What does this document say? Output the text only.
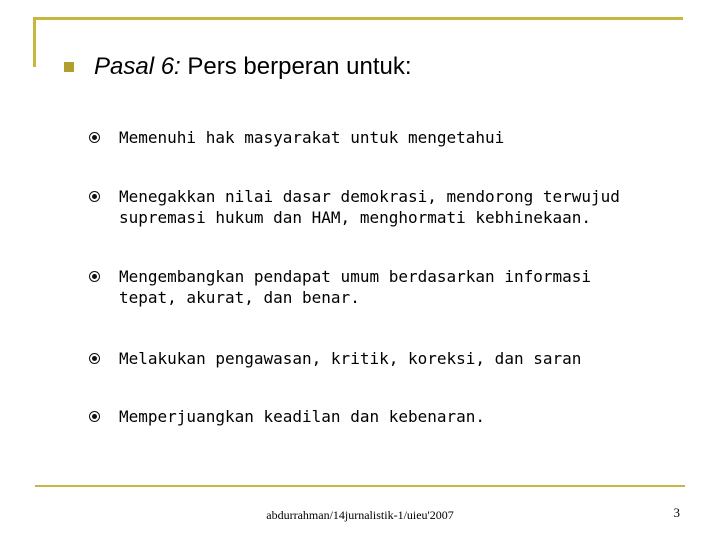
Pasal 6: Pers berperan untuk:
Memenuhi hak masyarakat untuk mengetahui
Menegakkan nilai dasar demokrasi, mendorong terwujud
supremasi hukum dan HAM, menghormati kebhinekaan.
Mengembangkan pendapat umum berdasarkan informasi
tepat, akurat, dan benar.
Melakukan pengawasan, kritik, koreksi, dan saran
Memperjuangkan keadilan dan kebenaran.
abdurrahman/14jurnalistik-1/uieu'2007	3
